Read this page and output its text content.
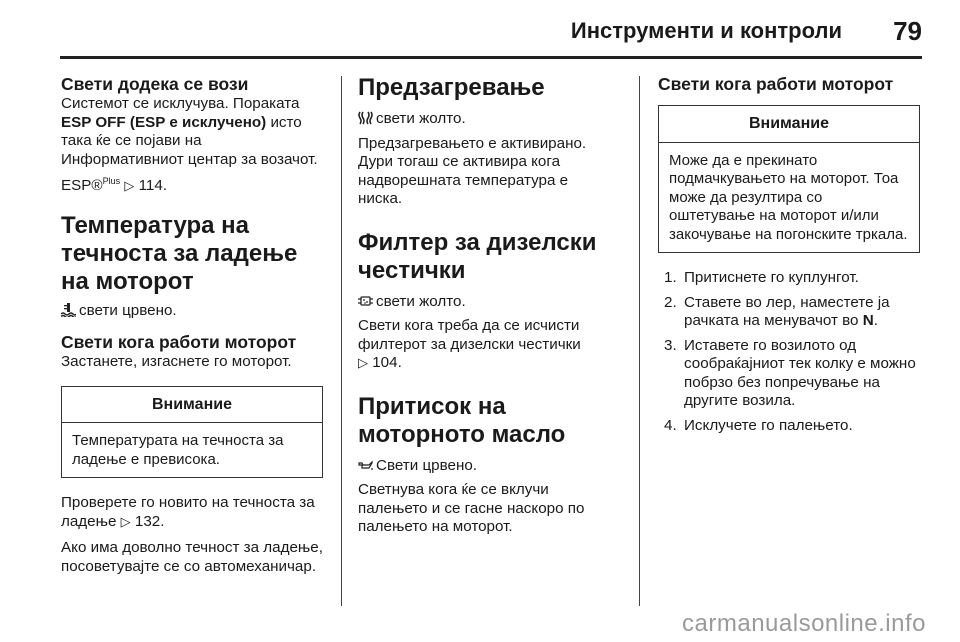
Инструменти и контроли 79
Свети додека се вози

Системот се исклучува. Пораката ESP OFF (ESP е исклучено) исто така ќе се појави на Информативниот центар за возачот.

ESP®$^{Plus}$ ▷ 114.

Температура на течноста за ладење на моторот

свети црвено.

Свети кога работи моторот

Застанете, изгаснете го моторот.

Внимание
Температурата на течноста за ладење е превисока.

Проверете го новито на течноста за ладење ▷ 132.

Ако има доволно течност за ладење, посоветувајте се со автомеханичар.

Предзагревање

свети жолто.

Предзагревањето е активирано. Дури тогаш се активира кога надворешната температура е ниска.

Филтер за дизелски честички

свети жолто.

Свети кога треба да се исчисти филтерот за дизелски честички
▷ 104.

Притисок на моторното масло

Свети црвено.

Светнува кога ќе се вклучи палењето и се гасне наскоро по палењето на моторот.

Свети кога работи моторот
Внимание
Може да е прекинато подмачкувањето на моторот. Тоа може да резултира со оштетување на моторот и/или закочување на погонските тркала.
1. Притиснете го куплунгот.
2. Ставете во лер, наместете ја рачката на менувачот во N.
3. Иставете го возилото од сообраќајниот тек колку е можно побрзо без попречување на другите возила.
4. Исклучете го палењето.
carmanualsonline.info
